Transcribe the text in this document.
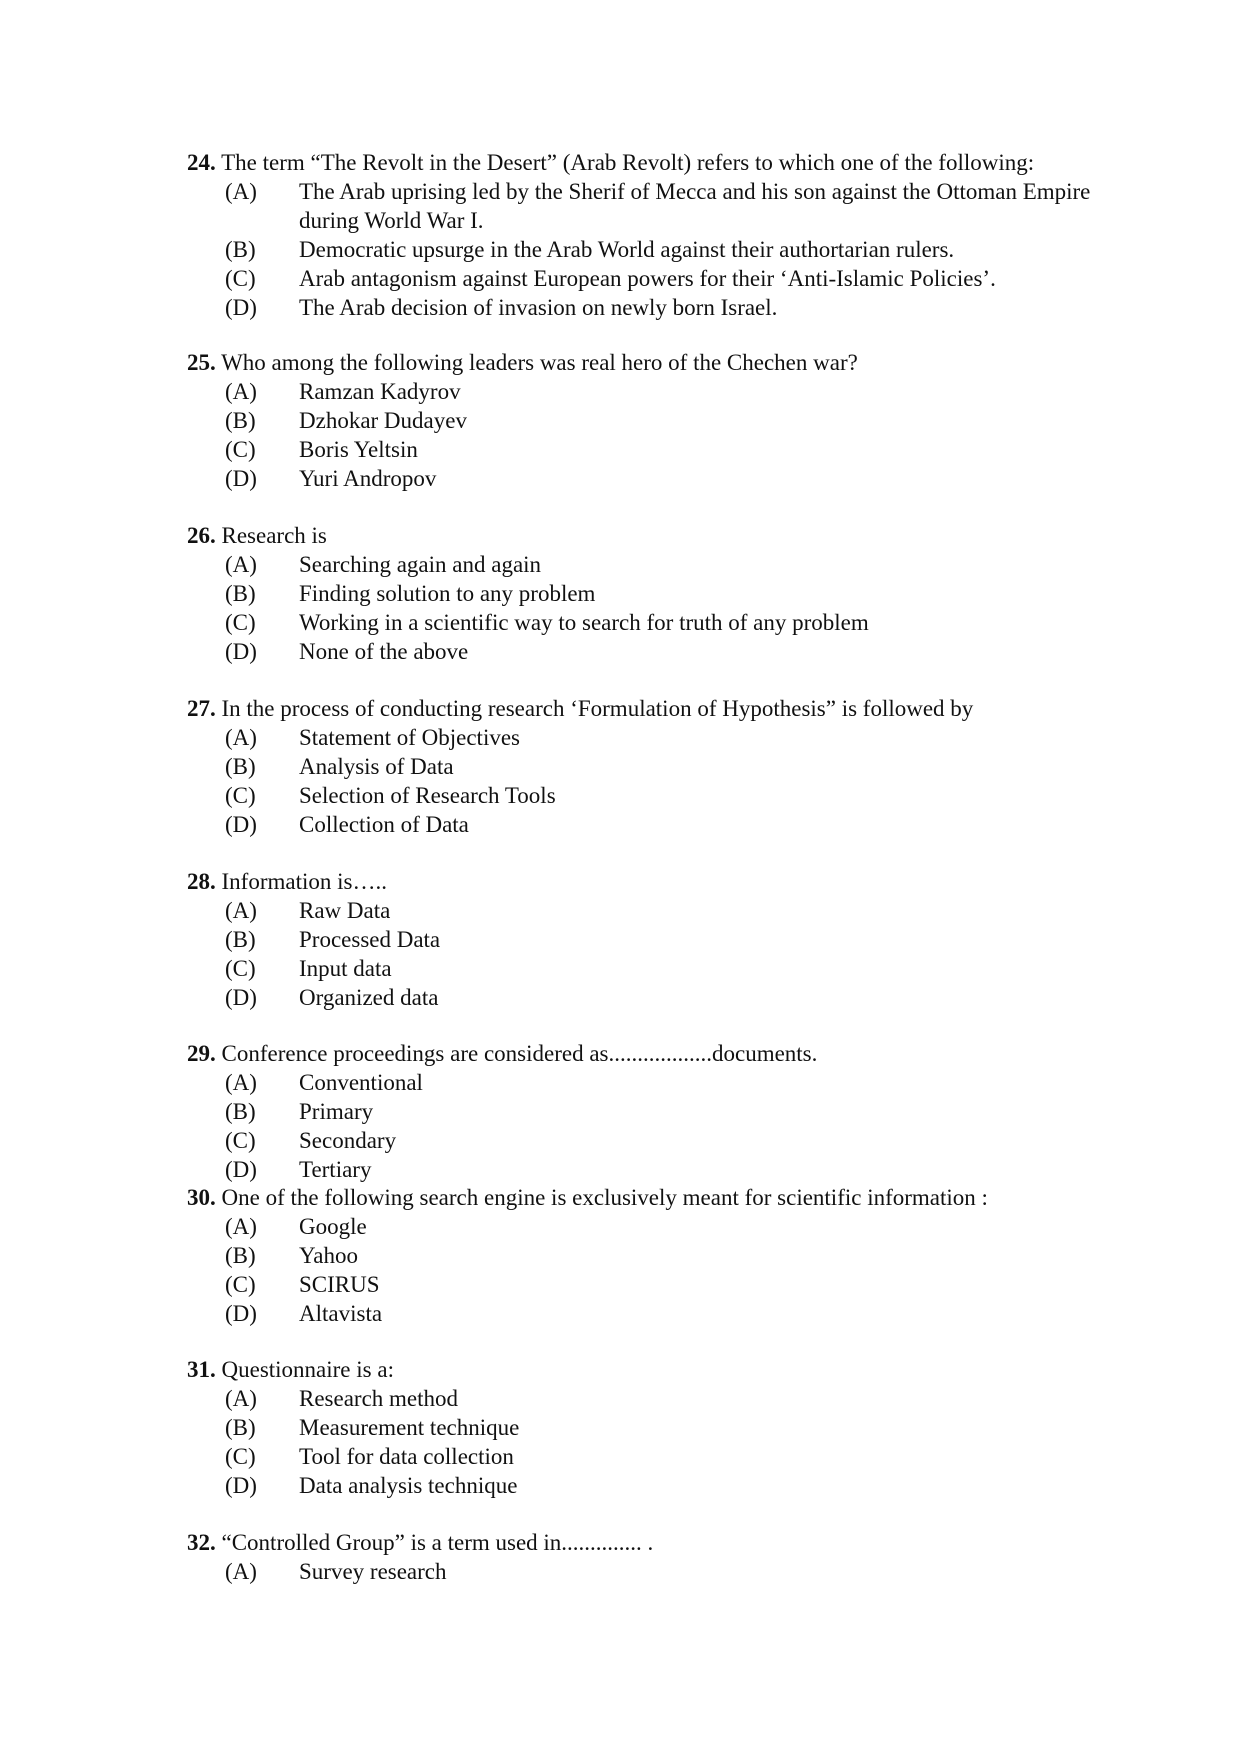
24. The term “The Revolt in the Desert” (Arab Revolt) refers to which one of the following:
(A) The Arab uprising led by the Sherif of Mecca and his son against the Ottoman Empire during World War I.
(B) Democratic upsurge in the Arab World against their authortarian rulers.
(C) Arab antagonism against European powers for their ‘Anti-Islamic Policies’.
(D) The Arab decision of invasion on newly born Israel.
25. Who among the following leaders was real hero of the Chechen war?
(A) Ramzan Kadyrov
(B) Dzhokar Dudayev
(C) Boris Yeltsin
(D) Yuri Andropov
26. Research is
(A) Searching again and again
(B) Finding solution to any problem
(C) Working in a scientific way to search for truth of any problem
(D) None of the above
27. In the process of conducting research ‘Formulation of Hypothesis” is followed by
(A) Statement of Objectives
(B) Analysis of Data
(C) Selection of Research Tools
(D) Collection of Data
28. Information is…..
(A) Raw Data
(B) Processed Data
(C) Input data
(D) Organized data
29. Conference proceedings are considered as..................documents.
(A) Conventional
(B) Primary
(C) Secondary
(D) Tertiary
30. One of the following search engine is exclusively meant for scientific information :
(A) Google
(B) Yahoo
(C) SCIRUS
(D) Altavista
31. Questionnaire is a:
(A) Research method
(B) Measurement technique
(C) Tool for data collection
(D) Data analysis technique
32. “Controlled Group” is a term used in.............. .
(A) Survey research
